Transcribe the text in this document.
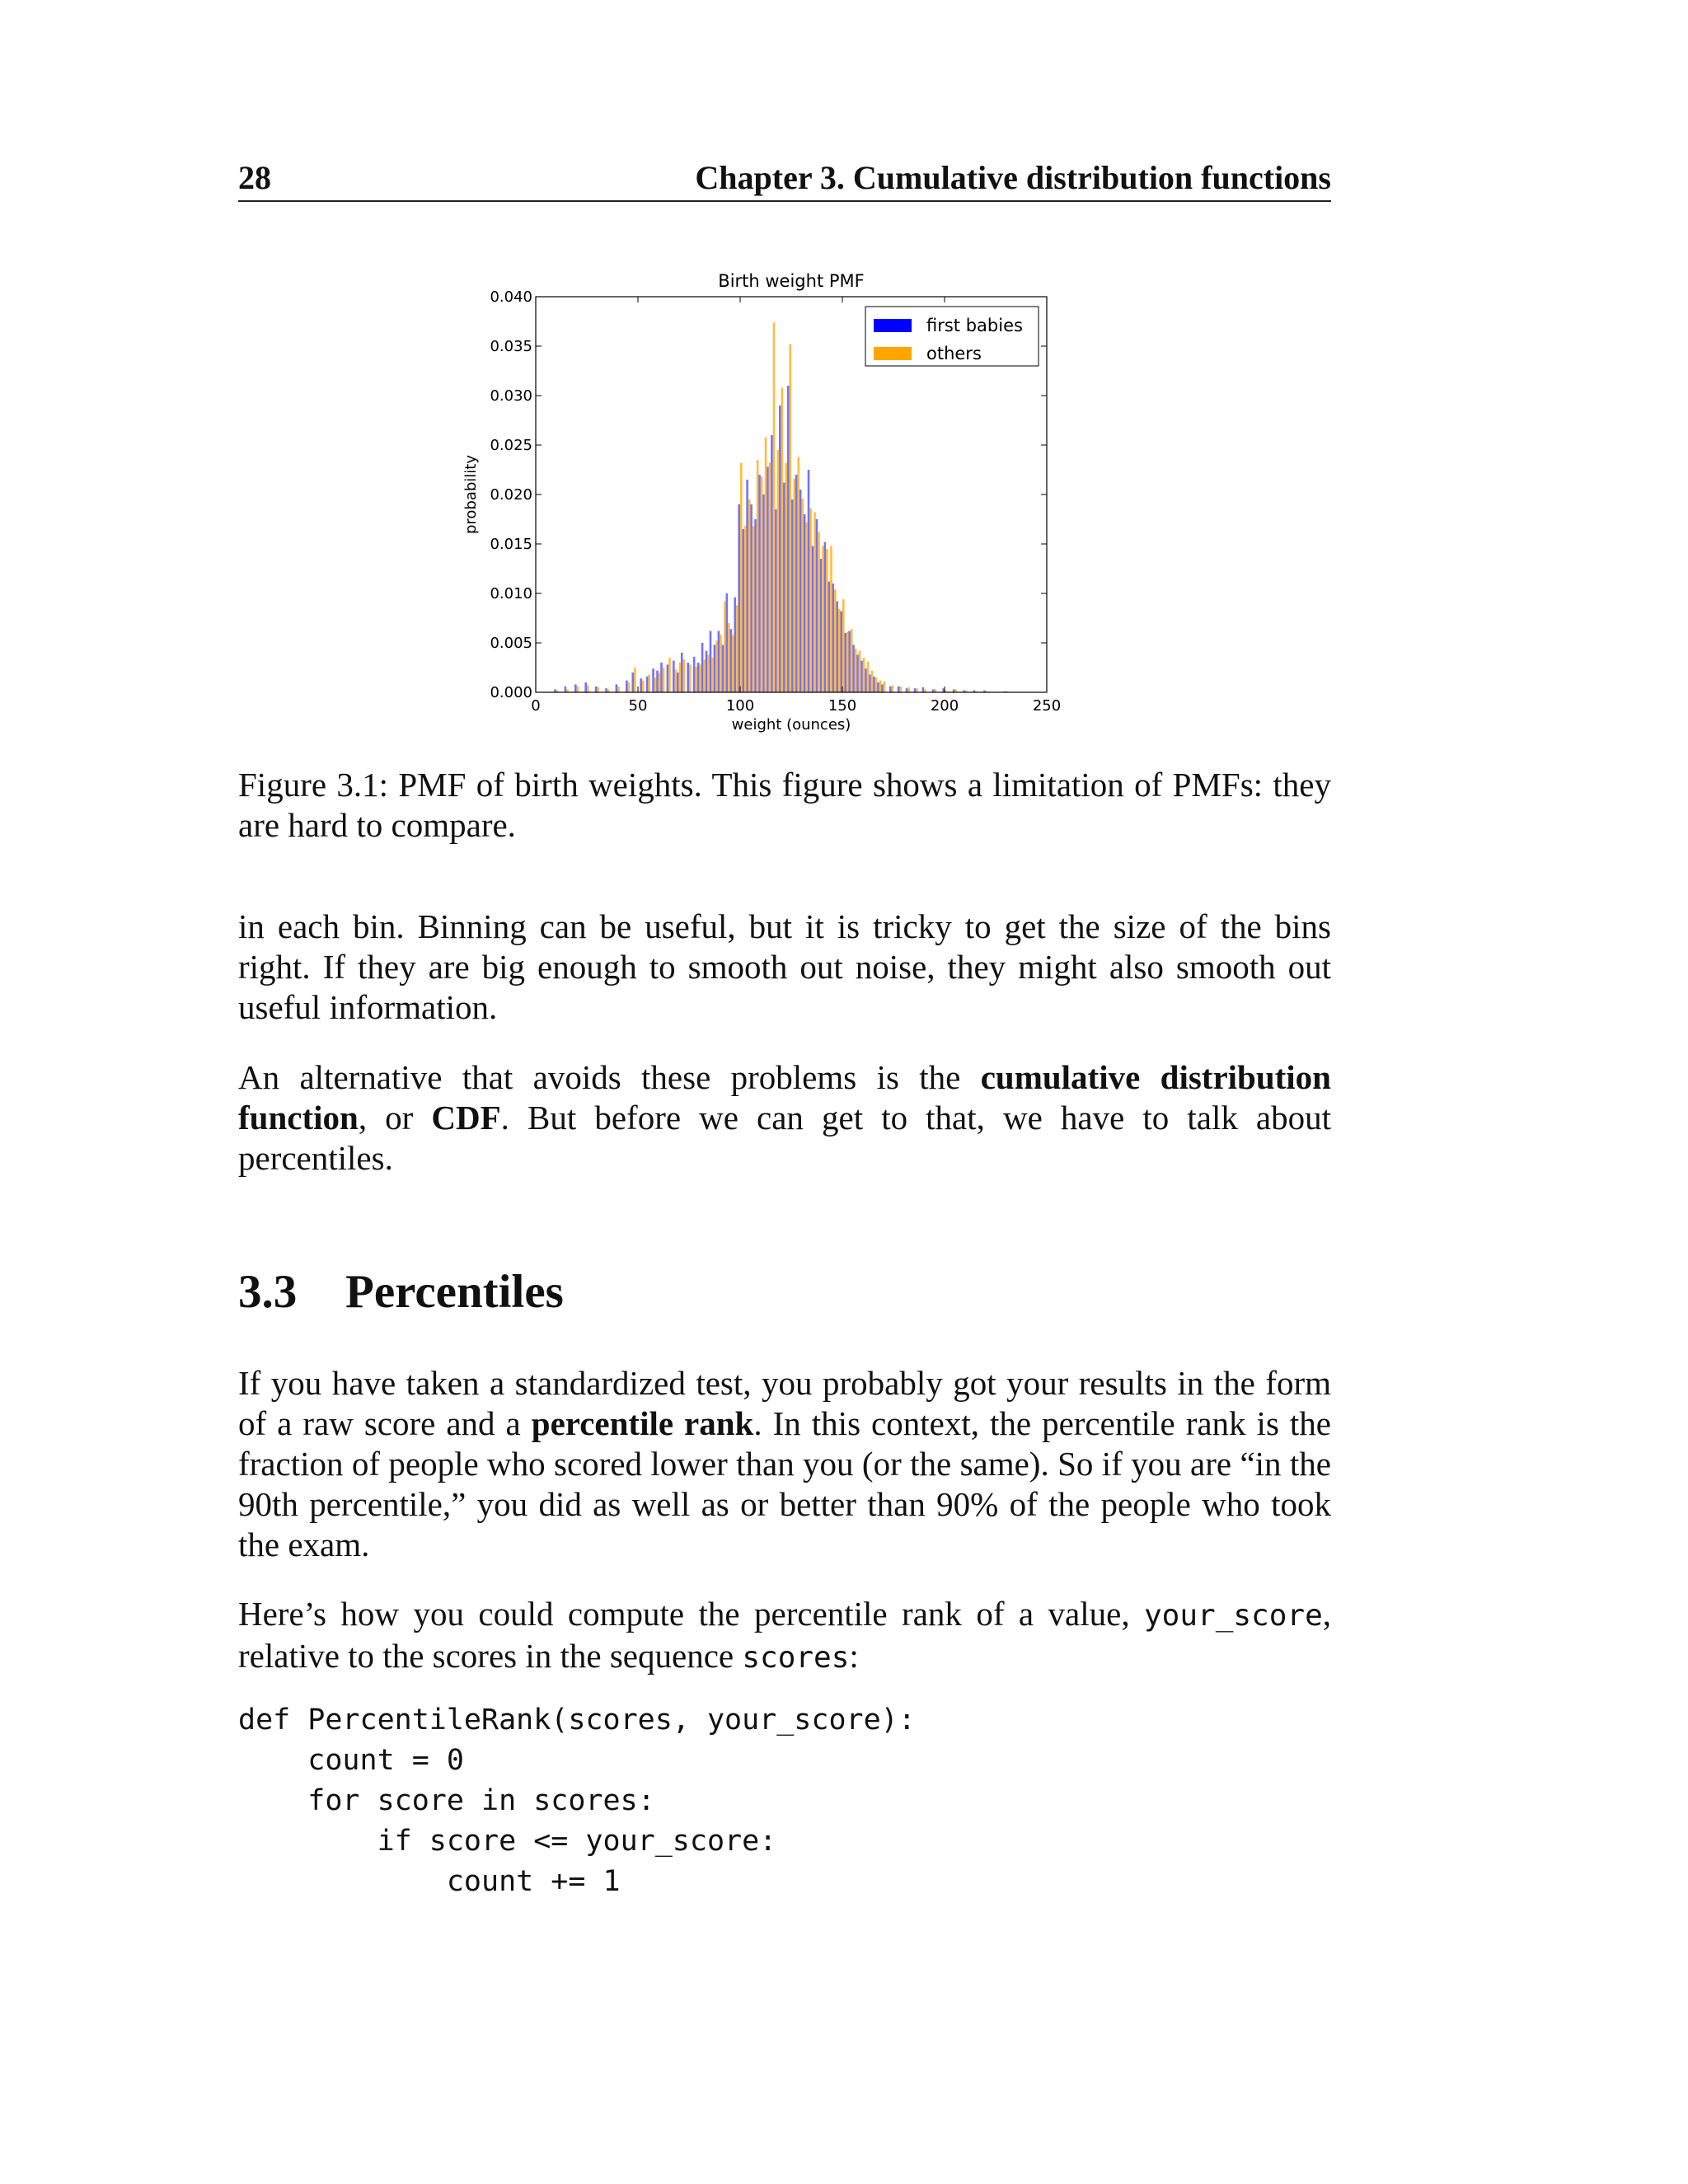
28	Chapter 3. Cumulative distribution functions
0.000
0.005
0.010
0.015
0.020
0.025
0.030
0.035
0.040
0	50	100	150	200	250
Birth weight PMF
weight (ounces)
probability
first babies
others
Figure 3.1: PMF of birth weights. This figure shows a limitation of PMFs: they are hard to compare.
in each bin. Binning can be useful, but it is tricky to get the size of the bins right. If they are big enough to smooth out noise, they might also smooth out useful information.
An alternative that avoids these problems is the cumulative distribution function, or CDF. But before we can get to that, we have to talk about percentiles.
3.3 Percentiles
If you have taken a standardized test, you probably got your results in the form of a raw score and a percentile rank. In this context, the percentile rank is the fraction of people who scored lower than you (or the same). So if you are “in the 90th percentile,” you did as well as or better than 90% of the people who took the exam.
Here’s how you could compute the percentile rank of a value, your_score, relative to the scores in the sequence scores:
def PercentileRank(scores, your_score):
count = 0
for score in scores:
if score <= your_score:
count += 1
